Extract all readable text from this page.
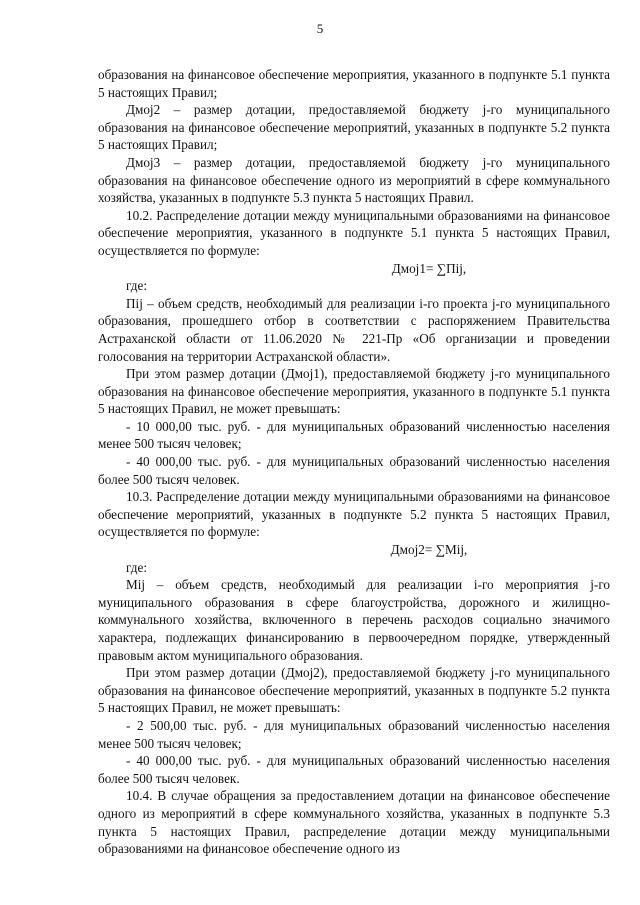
5

образования на финансовое обеспечение мероприятия, указанного в подпункте 5.1 пункта 5 настоящих Правил;

Дмоj2 – размер дотации, предоставляемой бюджету j-го муниципального образования на финансовое обеспечение мероприятий, указанных в подпункте 5.2 пункта 5 настоящих Правил;

Дмоj3 – размер дотации, предоставляемой бюджету j-го муниципального образования на финансовое обеспечение одного из мероприятий в сфере коммунального хозяйства, указанных в подпункте 5.3 пункта 5 настоящих Правил.

10.2. Распределение дотации между муниципальными образованиями на финансовое обеспечение мероприятия, указанного в подпункте 5.1 пункта 5 настоящих Правил, осуществляется по формуле:

Дмоj1= ∑Пij,

где:

Пij – объем средств, необходимый для реализации i-го проекта j-го муниципального образования, прошедшего отбор в соответствии с распоряжением Правительства Астраханской области от 11.06.2020 № 221-Пр «Об организации и проведении голосования на территории Астраханской области».

При этом размер дотации (Дмоj1), предоставляемой бюджету j-го муниципального образования на финансовое обеспечение мероприятия, указанного в подпункте 5.1 пункта 5 настоящих Правил, не может превышать:

- 10 000,00 тыс. руб. - для муниципальных образований численностью населения менее 500 тысяч человек;

- 40 000,00 тыс. руб. - для муниципальных образований численностью населения более 500 тысяч человек.

10.3. Распределение дотации между муниципальными образованиями на финансовое обеспечение мероприятий, указанных в подпункте 5.2 пункта 5 настоящих Правил, осуществляется по формуле:

Дмоj2= ∑Мij,

где:

Мij – объем средств, необходимый для реализации i-го мероприятия j-го муниципального образования в сфере благоустройства, дорожного и жилищно-коммунального хозяйства, включенного в перечень расходов социально значимого характера, подлежащих финансированию в первоочередном порядке, утвержденный правовым актом муниципального образования.

При этом размер дотации (Дмоj2), предоставляемой бюджету j-го муниципального образования на финансовое обеспечение мероприятий, указанных в подпункте 5.2 пункта 5 настоящих Правил, не может превышать:

- 2 500,00 тыс. руб. - для муниципальных образований численностью населения менее 500 тысяч человек;

- 40 000,00 тыс. руб. - для муниципальных образований численностью населения более 500 тысяч человек.

10.4. В случае обращения за предоставлением дотации на финансовое обеспечение одного из мероприятий в сфере коммунального хозяйства, указанных в подпункте 5.3 пункта 5 настоящих Правил, распределение дотации между муниципальными образованиями на финансовое обеспечение одного из
